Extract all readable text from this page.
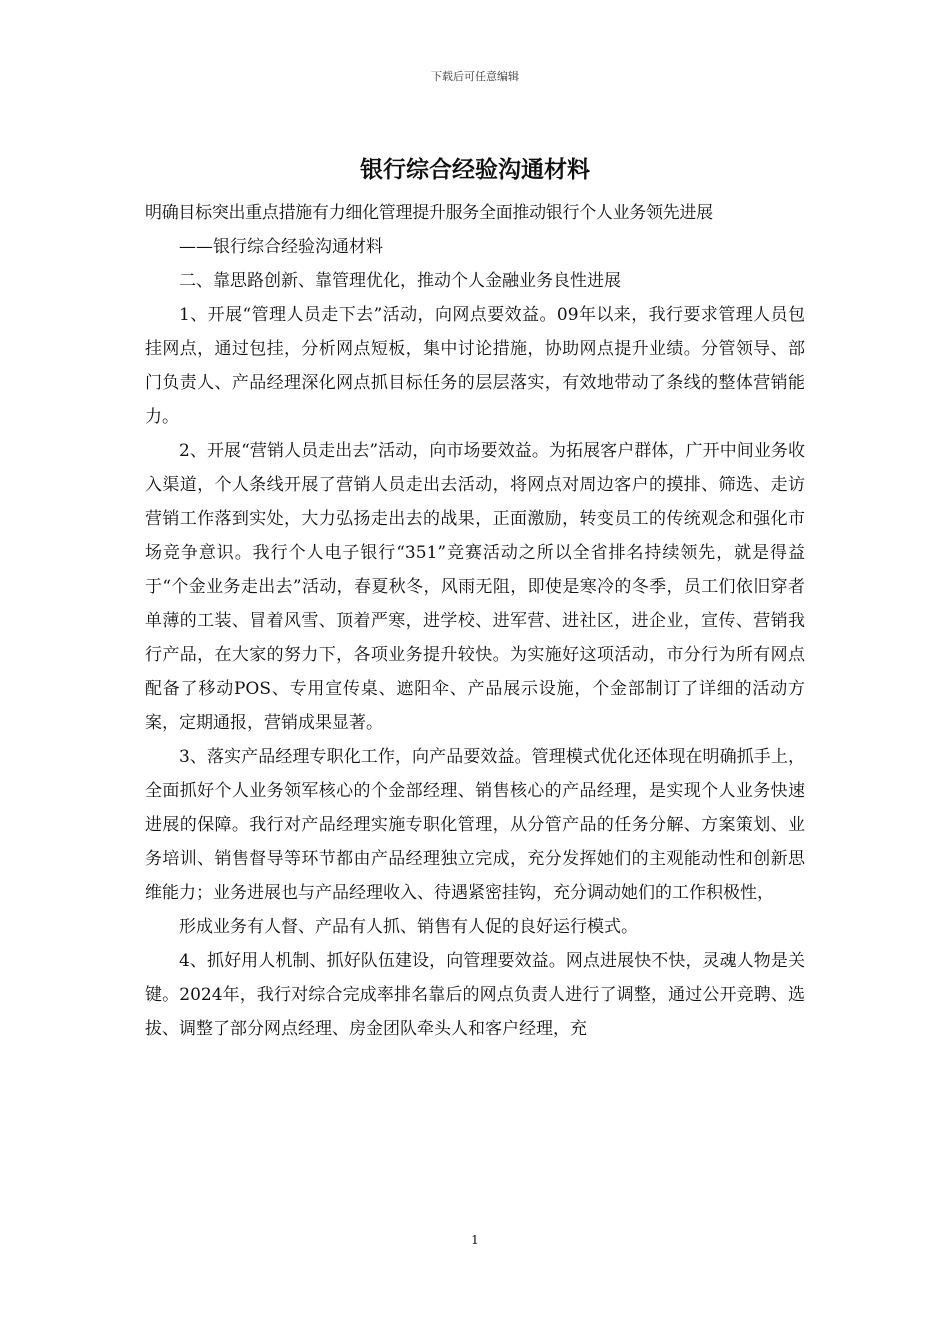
下载后可任意编辑
银行综合经验沟通材料

明确目标突出重点措施有力细化管理提升服务全面推动银行个人业务领先进展

——银行综合经验沟通材料

二、靠思路创新、靠管理优化，推动个人金融业务良性进展

1、开展“管理人员走下去”活动，向网点要效益。09年以来，我行要求管理人员包挂网点，通过包挂，分析网点短板，集中讨论措施，协助网点提升业绩。分管领导、部门负责人、产品经理深化网点抓目标任务的层层落实，有效地带动了条线的整体营销能力。

2、开展“营销人员走出去”活动，向市场要效益。为拓展客户群体，广开中间业务收入渠道，个人条线开展了营销人员走出去活动，将网点对周边客户的摸排、筛选、走访营销工作落到实处，大力弘扬走出去的战果，正面激励，转变员工的传统观念和强化市场竞争意识。我行个人电子银行“351”竞赛活动之所以全省排名持续领先，就是得益于“个金业务走出去”活动，春夏秋冬，风雨无阻，即使是寒冷的冬季，员工们依旧穿者单薄的工装、冒着风雪、顶着严寒，进学校、进军营、进社区，进企业，宣传、营销我行产品，在大家的努力下，各项业务提升较快。为实施好这项活动，市分行为所有网点配备了移动POS、专用宣传桌、遮阳伞、产品展示设施，个金部制订了详细的活动方案，定期通报，营销成果显著。

3、落实产品经理专职化工作，向产品要效益。管理模式优化还体现在明确抓手上，全面抓好个人业务领军核心的个金部经理、销售核心的产品经理，是实现个人业务快速进展的保障。我行对产品经理实施专职化管理，从分管产品的任务分解、方案策划、业务培训、销售督导等环节都由产品经理独立完成，充分发挥她们的主观能动性和创新思维能力；业务进展也与产品经理收入、待遇紧密挂钩，充分调动她们的工作积极性，

形成业务有人督、产品有人抓、销售有人促的良好运行模式。

4、抓好用人机制、抓好队伍建设，向管理要效益。网点进展快不快，灵魂人物是关键。2024年，我行对综合完成率排名靠后的网点负责人进行了调整，通过公开竞聘、选拔、调整了部分网点经理、房金团队牵头人和客户经理，充

1
